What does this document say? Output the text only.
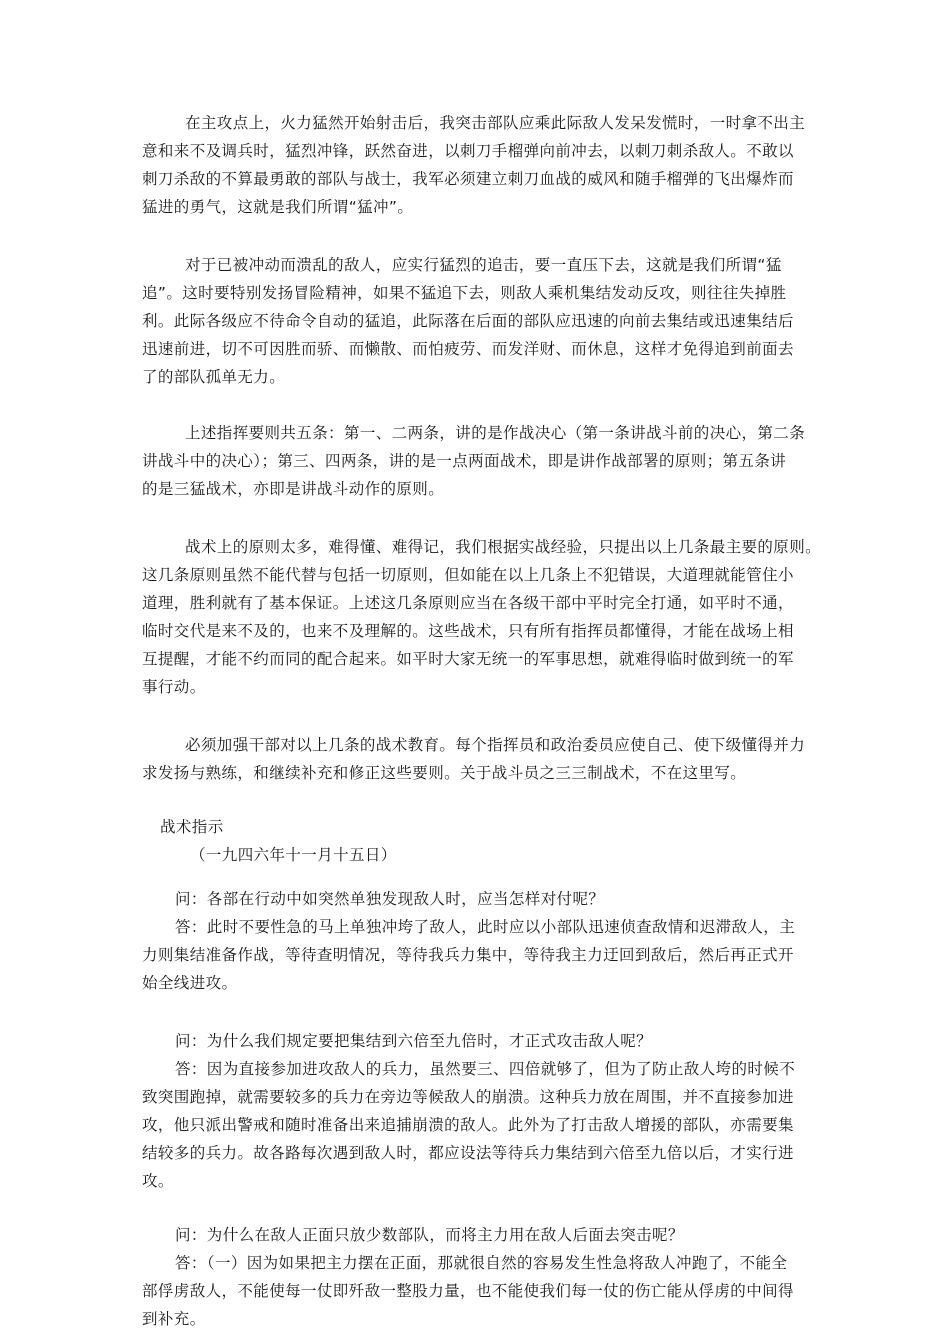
在主攻点上，火力猛然开始射击后，我突击部队应乘此际敌人发呆发慌时，一时拿不出主
意和来不及调兵时，猛烈冲锋，跃然奋进，以刺刀手榴弹向前冲去，以刺刀刺杀敌人。不敢以
刺刀杀敌的不算最勇敢的部队与战士，我军必须建立刺刀血战的威风和随手榴弹的飞出爆炸而
猛进的勇气，这就是我们所谓“猛冲”。
对于已被冲动而溃乱的敌人，应实行猛烈的追击，要一直压下去，这就是我们所谓“猛
追”。这时要特别发扬冒险精神，如果不猛追下去，则敌人乘机集结发动反攻，则往往失掉胜
利。此际各级应不待命令自动的猛追，此际落在后面的部队应迅速的向前去集结或迅速集结后
迅速前进，切不可因胜而骄、而懒散、而怕疲劳、而发洋财、而休息，这样才免得追到前面去
了的部队孤单无力。
上述指挥要则共五条：第一、二两条，讲的是作战决心（第一条讲战斗前的决心，第二条
讲战斗中的决心）；第三、四两条，讲的是一点两面战术，即是讲作战部署的原则；第五条讲
的是三猛战术，亦即是讲战斗动作的原则。
战术上的原则太多，难得懂、难得记，我们根据实战经验，只提出以上几条最主要的原则。
这几条原则虽然不能代替与包括一切原则，但如能在以上几条上不犯错误，大道理就能管住小
道理，胜利就有了基本保证。上述这几条原则应当在各级干部中平时完全打通，如平时不通，
临时交代是来不及的，也来不及理解的。这些战术，只有所有指挥员都懂得，才能在战场上相
互提醒，才能不约而同的配合起来。如平时大家无统一的军事思想，就难得临时做到统一的军
事行动。
必须加强干部对以上几条的战术教育。每个指挥员和政治委员应使自己、使下级懂得并力
求发扬与熟练，和继续补充和修正这些要则。关于战斗员之三三制战术，不在这里写。
战术指示
（一九四六年十一月十五日）
问：各部在行动中如突然单独发现敌人时，应当怎样对付呢？
答：此时不要性急的马上单独冲垮了敌人，此时应以小部队迅速侦查敌情和迟滞敌人，主
力则集结准备作战，等待查明情况，等待我兵力集中，等待我主力迂回到敌后，然后再正式开
始全线进攻。
问：为什么我们规定要把集结到六倍至九倍时，才正式攻击敌人呢？
答：因为直接参加进攻敌人的兵力，虽然要三、四倍就够了，但为了防止敌人垮的时候不
致突围跑掉，就需要较多的兵力在旁边等候敌人的崩溃。这种兵力放在周围，并不直接参加进
攻，他只派出警戒和随时准备出来追捕崩溃的敌人。此外为了打击敌人增援的部队，亦需要集
结较多的兵力。故各路每次遇到敌人时，都应设法等待兵力集结到六倍至九倍以后，才实行进
攻。
问：为什么在敌人正面只放少数部队，而将主力用在敌人后面去突击呢？
答：（一）因为如果把主力摆在正面，那就很自然的容易发生性急将敌人冲跑了，不能全
部俘虏敌人，不能使每一仗即歼敌一整股力量，也不能使我们每一仗的伤亡能从俘虏的中间得
到补充。
